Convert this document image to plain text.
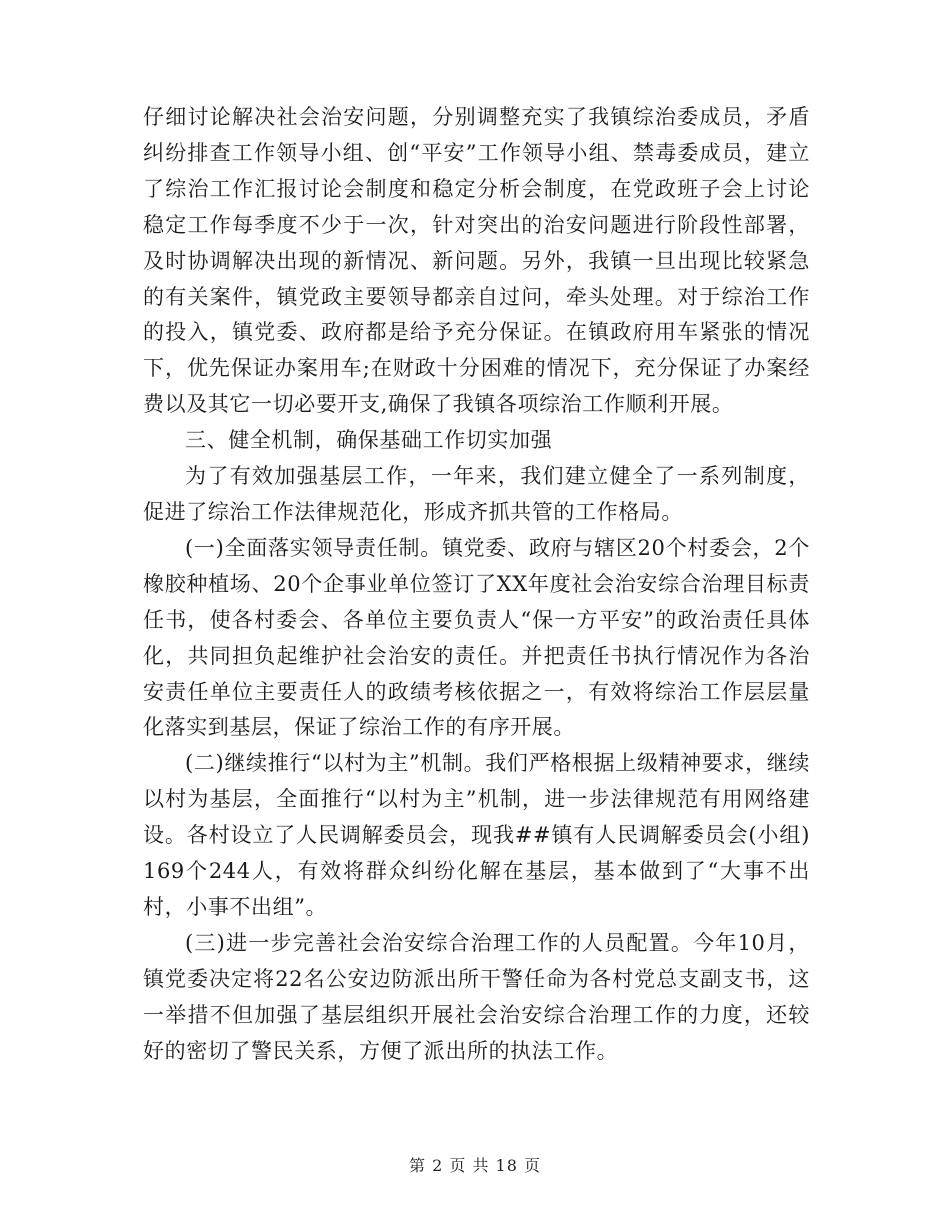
仔细讨论解决社会治安问题，分别调整充实了我镇综治委成员，矛盾纠纷排查工作领导小组、创“平安”工作领导小组、禁毒委成员，建立了综治工作汇报讨论会制度和稳定分析会制度，在党政班子会上讨论稳定工作每季度不少于一次，针对突出的治安问题进行阶段性部署，及时协调解决出现的新情况、新问题。另外，我镇一旦出现比较紧急的有关案件，镇党政主要领导都亲自过问，牵头处理。对于综治工作的投入，镇党委、政府都是给予充分保证。在镇政府用车紧张的情况下，优先保证办案用车;在财政十分困难的情况下，充分保证了办案经费以及其它一切必要开支,确保了我镇各项综治工作顺利开展。

三、健全机制，确保基础工作切实加强

为了有效加强基层工作，一年来，我们建立健全了一系列制度，促进了综治工作法律规范化，形成齐抓共管的工作格局。

(一)全面落实领导责任制。镇党委、政府与辖区20个村委会，2个橡胶种植场、20个企事业单位签订了XX年度社会治安综合治理目标责任书，使各村委会、各单位主要负责人“保一方平安”的政治责任具体化，共同担负起维护社会治安的责任。并把责任书执行情况作为各治安责任单位主要责任人的政绩考核依据之一，有效将综治工作层层量化落实到基层，保证了综治工作的有序开展。

(二)继续推行“以村为主”机制。我们严格根据上级精神要求，继续以村为基层，全面推行“以村为主”机制，进一步法律规范有用网络建设。各村设立了人民调解委员会，现我##镇有人民调解委员会(小组)169个244人，有效将群众纠纷化解在基层，基本做到了“大事不出村，小事不出组”。

(三)进一步完善社会治安综合治理工作的人员配置。今年10月，镇党委决定将22名公安边防派出所干警任命为各村党总支副支书，这一举措不但加强了基层组织开展社会治安综合治理工作的力度，还较好的密切了警民关系，方便了派出所的执法工作。

第 2 页 共 18 页
